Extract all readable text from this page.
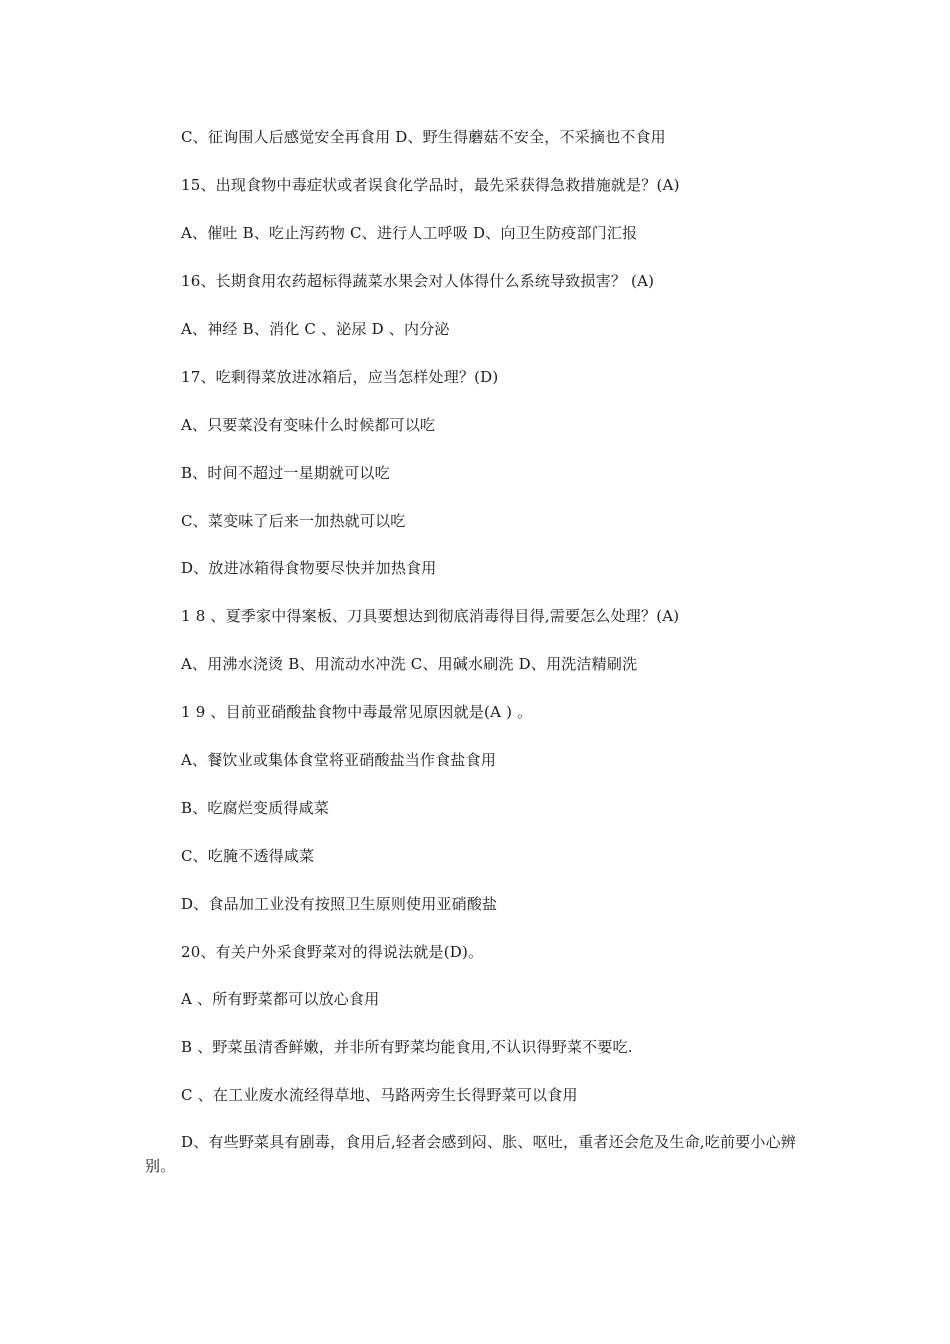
C、征询围人后感觉安全再食用 D、野生得蘑菇不安全，不采摘也不食用
15、出现食物中毒症状或者误食化学品时，最先采获得急救措施就是？(A)
A、催吐 B、吃止泻药物 C、进行人工呼吸 D、向卫生防疫部门汇报
16、长期食用农药超标得蔬菜水果会对人体得什么系统导致损害？ (A)
A、神经 B、消化 C 、泌尿 D 、内分泌
17、吃剩得菜放进冰箱后，应当怎样处理？(D)
A、只要菜没有变味什么时候都可以吃
B、时间不超过一星期就可以吃
C、菜变味了后来一加热就可以吃
D、放进冰箱得食物要尽快并加热食用
1 8 、夏季家中得案板、刀具要想达到彻底消毒得目得,需要怎么处理？(A)
A、用沸水浇烫 B、用流动水冲洗 C、用碱水刷洗 D、用洗洁精刷洗
1 9 、目前亚硝酸盐食物中毒最常见原因就是(A ) 。
A、餐饮业或集体食堂将亚硝酸盐当作食盐食用
B、吃腐烂变质得咸菜
C、吃腌不透得咸菜
D、食品加工业没有按照卫生原则使用亚硝酸盐
20、有关户外采食野菜对的得说法就是(D)。
A 、所有野菜都可以放心食用
B 、野菜虽清香鲜嫩，并非所有野菜均能食用,不认识得野菜不要吃.
C 、在工业废水流经得草地、马路两旁生长得野菜可以食用
D、有些野菜具有剧毒，食用后,轻者会感到闷、胀、呕吐，重者还会危及生命,吃前要小心辨别。
